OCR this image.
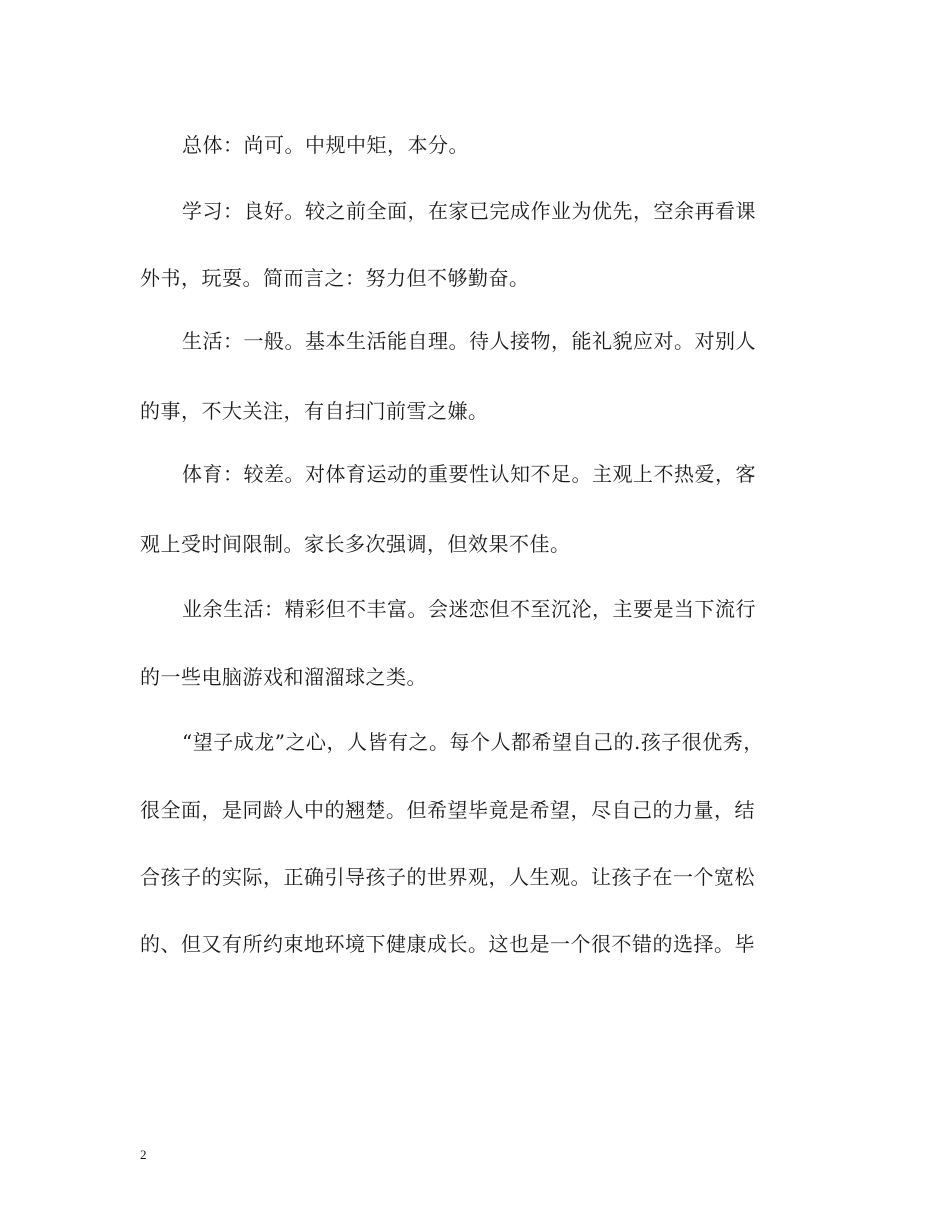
总体：尚可。中规中矩，本分。
学习：良好。较之前全面，在家已完成作业为优先，空余再看课
外书，玩耍。简而言之：努力但不够勤奋。
生活：一般。基本生活能自理。待人接物，能礼貌应对。对别人
的事，不大关注，有自扫门前雪之嫌。
体育：较差。对体育运动的重要性认知不足。主观上不热爱，客
观上受时间限制。家长多次强调，但效果不佳。
业余生活：精彩但不丰富。会迷恋但不至沉沦，主要是当下流行
的一些电脑游戏和溜溜球之类。
“望子成龙”之心，人皆有之。每个人都希望自己的.孩子很优秀，
很全面，是同龄人中的翘楚。但希望毕竟是希望，尽自己的力量，结
合孩子的实际，正确引导孩子的世界观，人生观。让孩子在一个宽松
的、但又有所约束地环境下健康成长。这也是一个很不错的选择。毕
2
